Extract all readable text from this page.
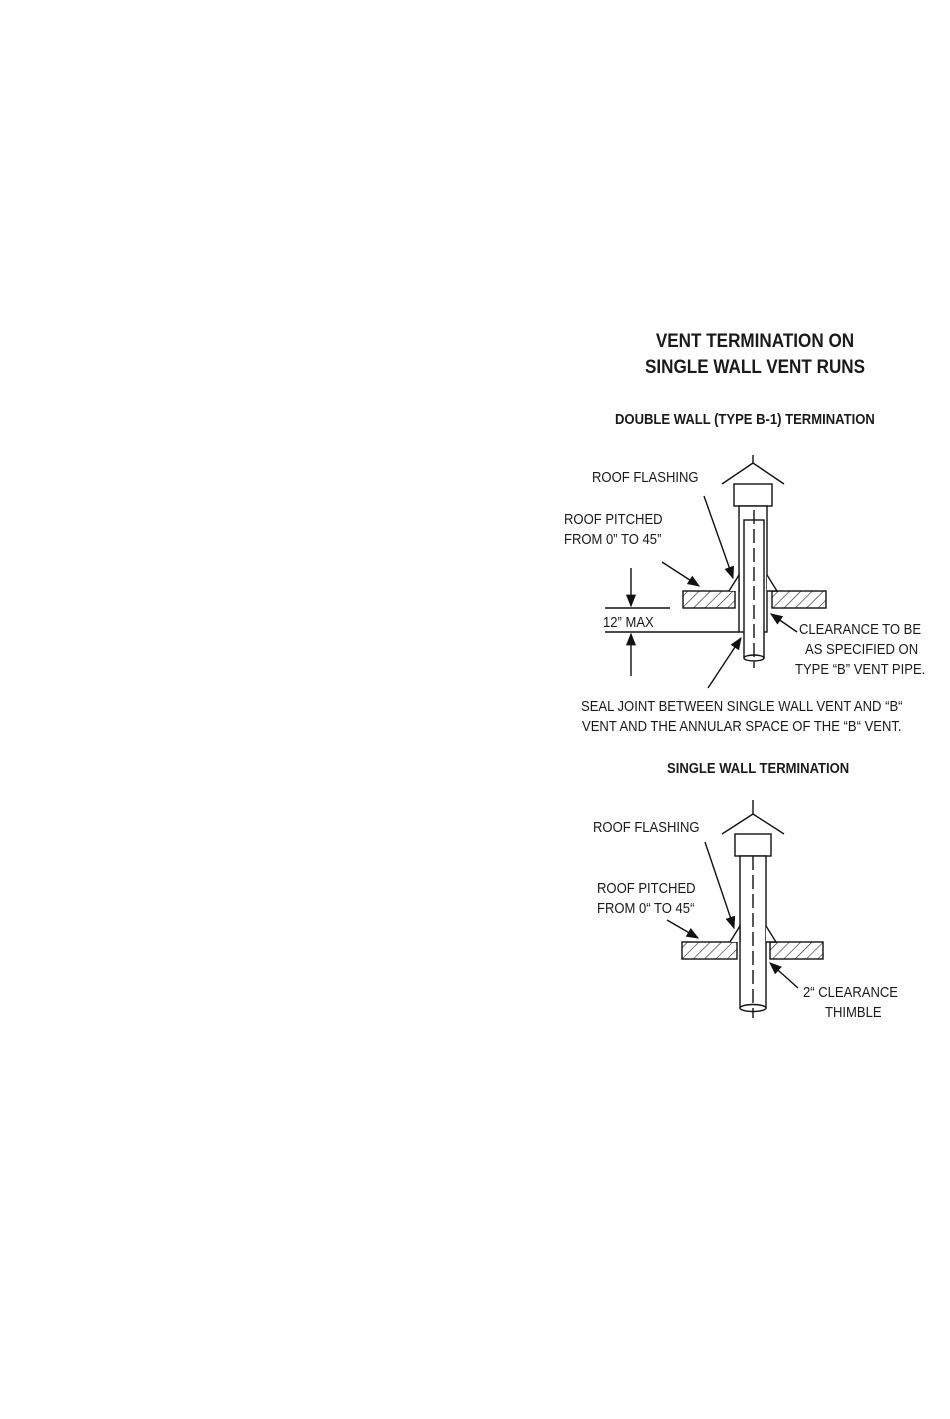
VENT TERMINATION ON
SINGLE WALL VENT RUNS
DOUBLE WALL (TYPE B-1) TERMINATION
ROOF FLASHING
ROOF PITCHED
FROM 0” TO 45”
12” MAX	CLEARANCE TO BE
AS SPECIFIED ON
TYPE “B” VENT PIPE.
SEAL JOINT BETWEEN SINGLE WALL VENT AND “B“
VENT AND THE ANNULAR SPACE OF THE “B“ VENT.
SINGLE WALL TERMINATION
ROOF FLASHING
ROOF PITCHED
FROM 0“ TO 45“
2“ CLEARANCE
THIMBLE
